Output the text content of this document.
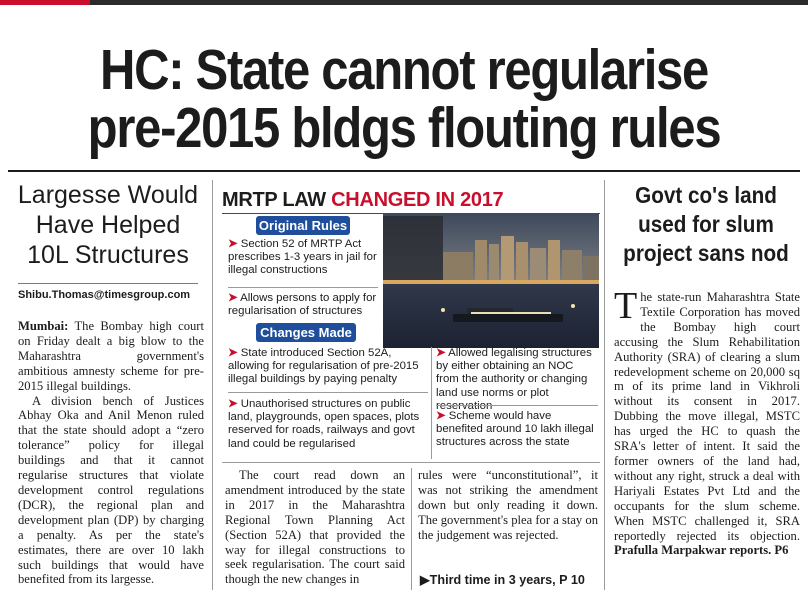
HC: State cannot regularise
pre-2015 bldgs flouting rules
Largesse Would
Have Helped
10L Structures
Shibu.Thomas@timesgroup.com

Mumbai: The Bombay high court on Friday dealt a big blow to the Maharashtra government's ambitious amnesty scheme for pre-2015 illegal buildings.

A division bench of Justices Abhay Oka and Anil Menon ruled that the state should adopt a “zero tolerance” policy for illegal buildings and that it cannot regularise structures that violate development control regulations (DCR), the regional plan and development plan (DP) by charging a penalty. As per the state's estimates, there are over 10 lakh such buildings that would have benefited from its largesse.

MRTP LAW CHANGED IN 2017
Original Rules
➤ Section 52 of MRTP Act prescribes 1-3 years in jail for illegal constructions
➤ Allows persons to apply for regularisation of structures
Changes Made
➤ State introduced Section 52A, allowing for regularisation of pre-2015 illegal buildings by paying penalty
➤ Unauthorised structures on public land, playgrounds, open spaces, plots reserved for roads, railways and govt land could be regularised
➤ Allowed legalising structures by either obtaining an NOC from the authority or changing land use norms or plot
➤ Scheme would have benefited around 10 lakh illegal structures across the state

The court read down an amendment introduced by the state in 2017 in the Maharashtra Regional Town Planning Act (Section 52A) that provided the way for illegal constructions to seek regularisation. The court said though the new changes in

rules were “unconstitutional”, it was not striking the amendment down but only reading it down. The government's plea for a stay on the judgement was rejected.

▶Third time in 3 years, P 10
Govt co's land
used for slum
project sans nod

The state-run Maharashtra State Textile Corporation has moved the Bombay high court accusing the Slum Rehabilitation Authority (SRA) of clearing a slum redevelopment scheme on 20,000 sq m of its prime land in Vikhroli without its consent in 2017. Dubbing the move illegal, MSTC has urged the HC to quash the SRA's letter of intent. It said the former owners of the land had, without any right, struck a deal with Hariyali Estates Pvt Ltd and the occupants for the slum scheme. When MSTC challenged it, SRA reportedly rejected its objection. Prafulla Marpakwar reports. P6
